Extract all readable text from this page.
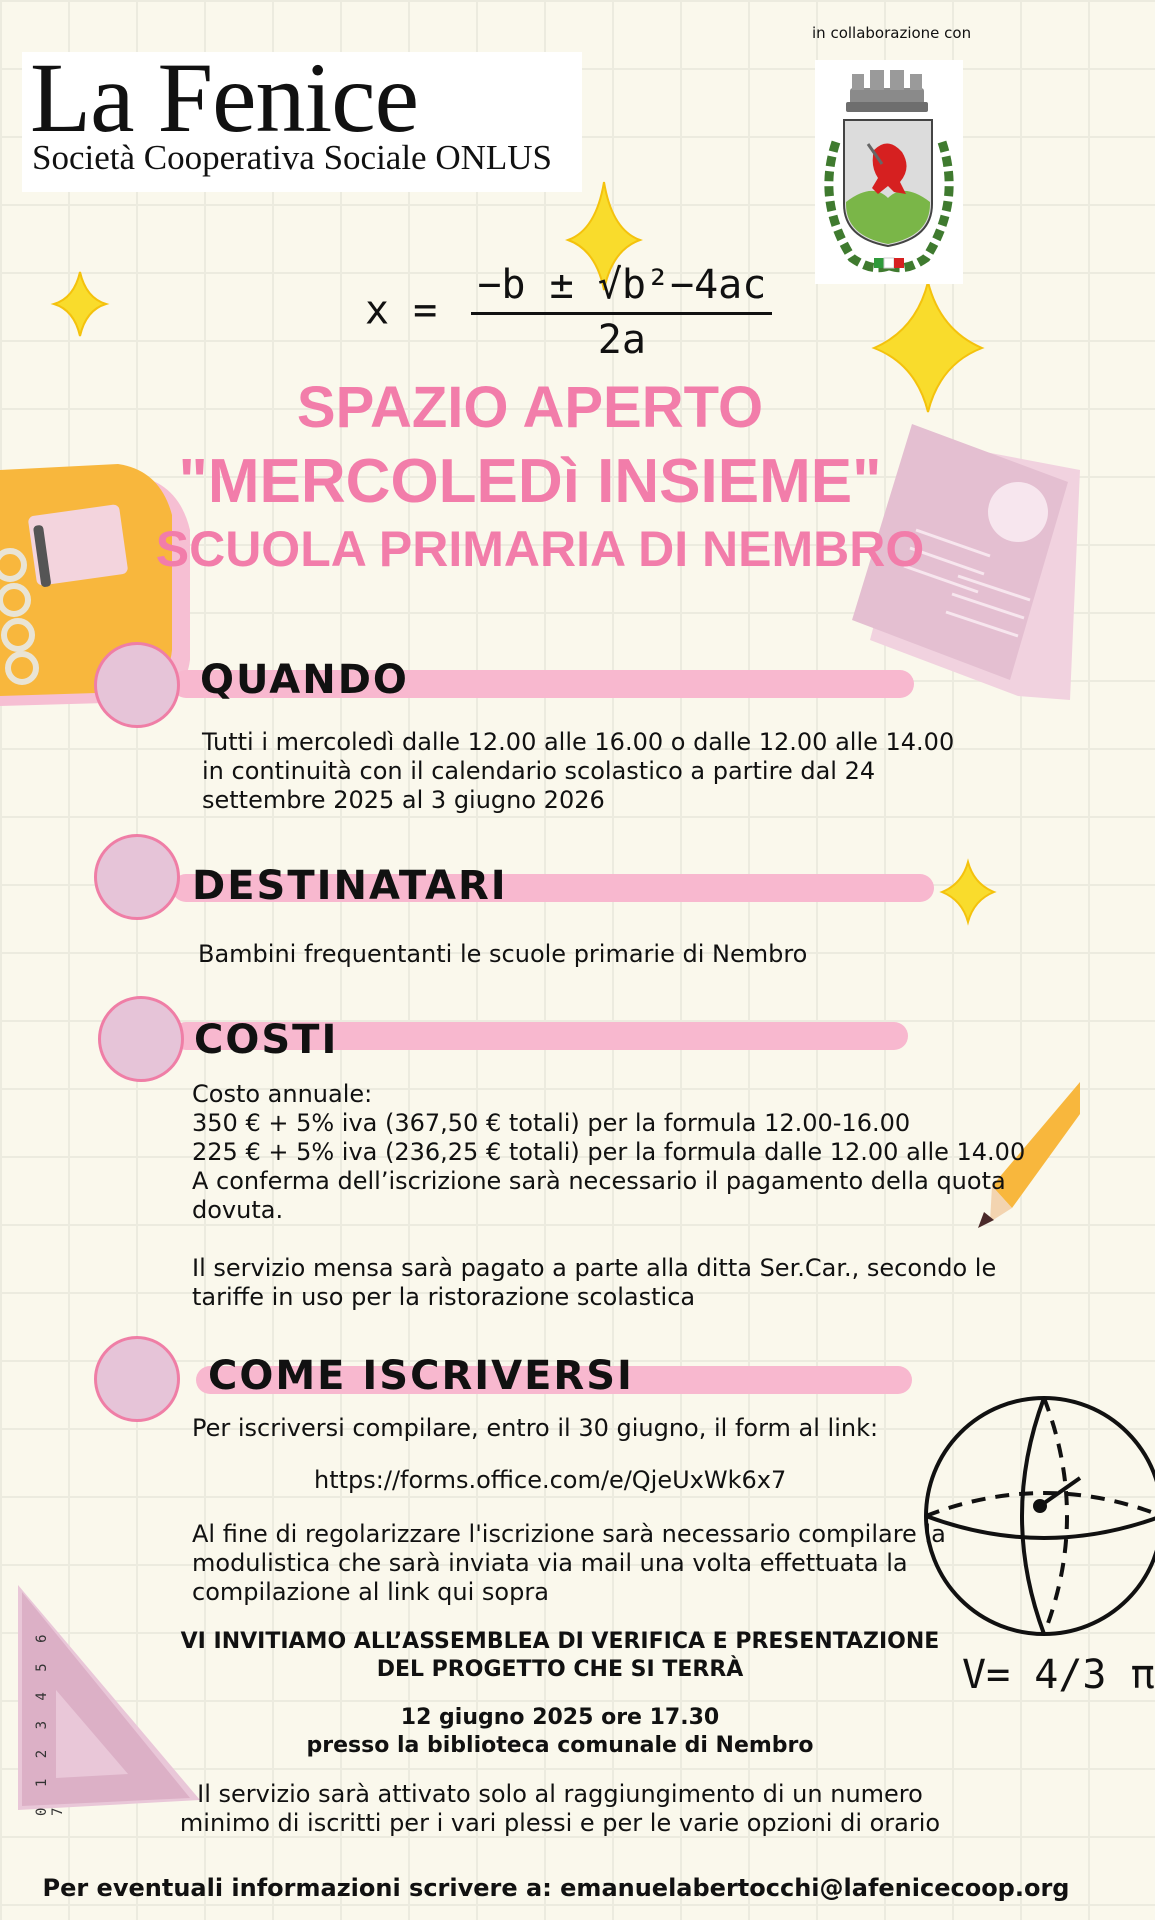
La Fenice
Società Cooperativa Sociale ONLUS
in collaborazione con
$x = \frac{\text{−b ± √b²−4ac}}{2a}$
SPAZIO APERTO
"MERCOLEDì INSIEME"
SCUOLA PRIMARIA DI NEMBRO
QUANDO
Tutti i mercoledì dalle 12.00 alle 16.00 o dalle 12.00 alle 14.00
in continuità con il calendario scolastico a partire dal 24
settembre 2025 al 3 giugno 2026
DESTINATARI
Bambini frequentanti le scuole primarie di Nembro
COSTI
Costo annuale:
350 € + 5% iva (367,50 € totali) per la formula 12.00-16.00
225 € + 5% iva (236,25 € totali) per la formula dalle 12.00 alle 14.00
A conferma dell’iscrizione sarà necessario il pagamento della quota
dovuta.
Il servizio mensa sarà pagato a parte alla ditta Ser.Car., secondo le
tariffe in uso per la ristorazione scolastica
COME ISCRIVERSI
Per iscriversi compilare, entro il 30 giugno, il form al link:
https://forms.office.com/e/QjeUxWk6x7
Al fine di regolarizzare l'iscrizione sarà necessario compilare la
modulistica che sarà inviata via mail una volta effettuata la
compilazione al link qui sopra
VI INVITIAMO ALL’ASSEMBLEA DI VERIFICA E PRESENTAZIONE
DEL PROGETTO CHE SI TERRÀ
12 giugno 2025 ore 17.30
presso la biblioteca comunale di Nembro
Il servizio sarà attivato solo al raggiungimento di un numero
minimo di iscritti per i vari plessi e per le varie opzioni di orario
Per eventuali informazioni scrivere a: emanuelabertocchi@lafenicecoop.org
V= 4/3 π
0 1 2 3 4 5 6 7
